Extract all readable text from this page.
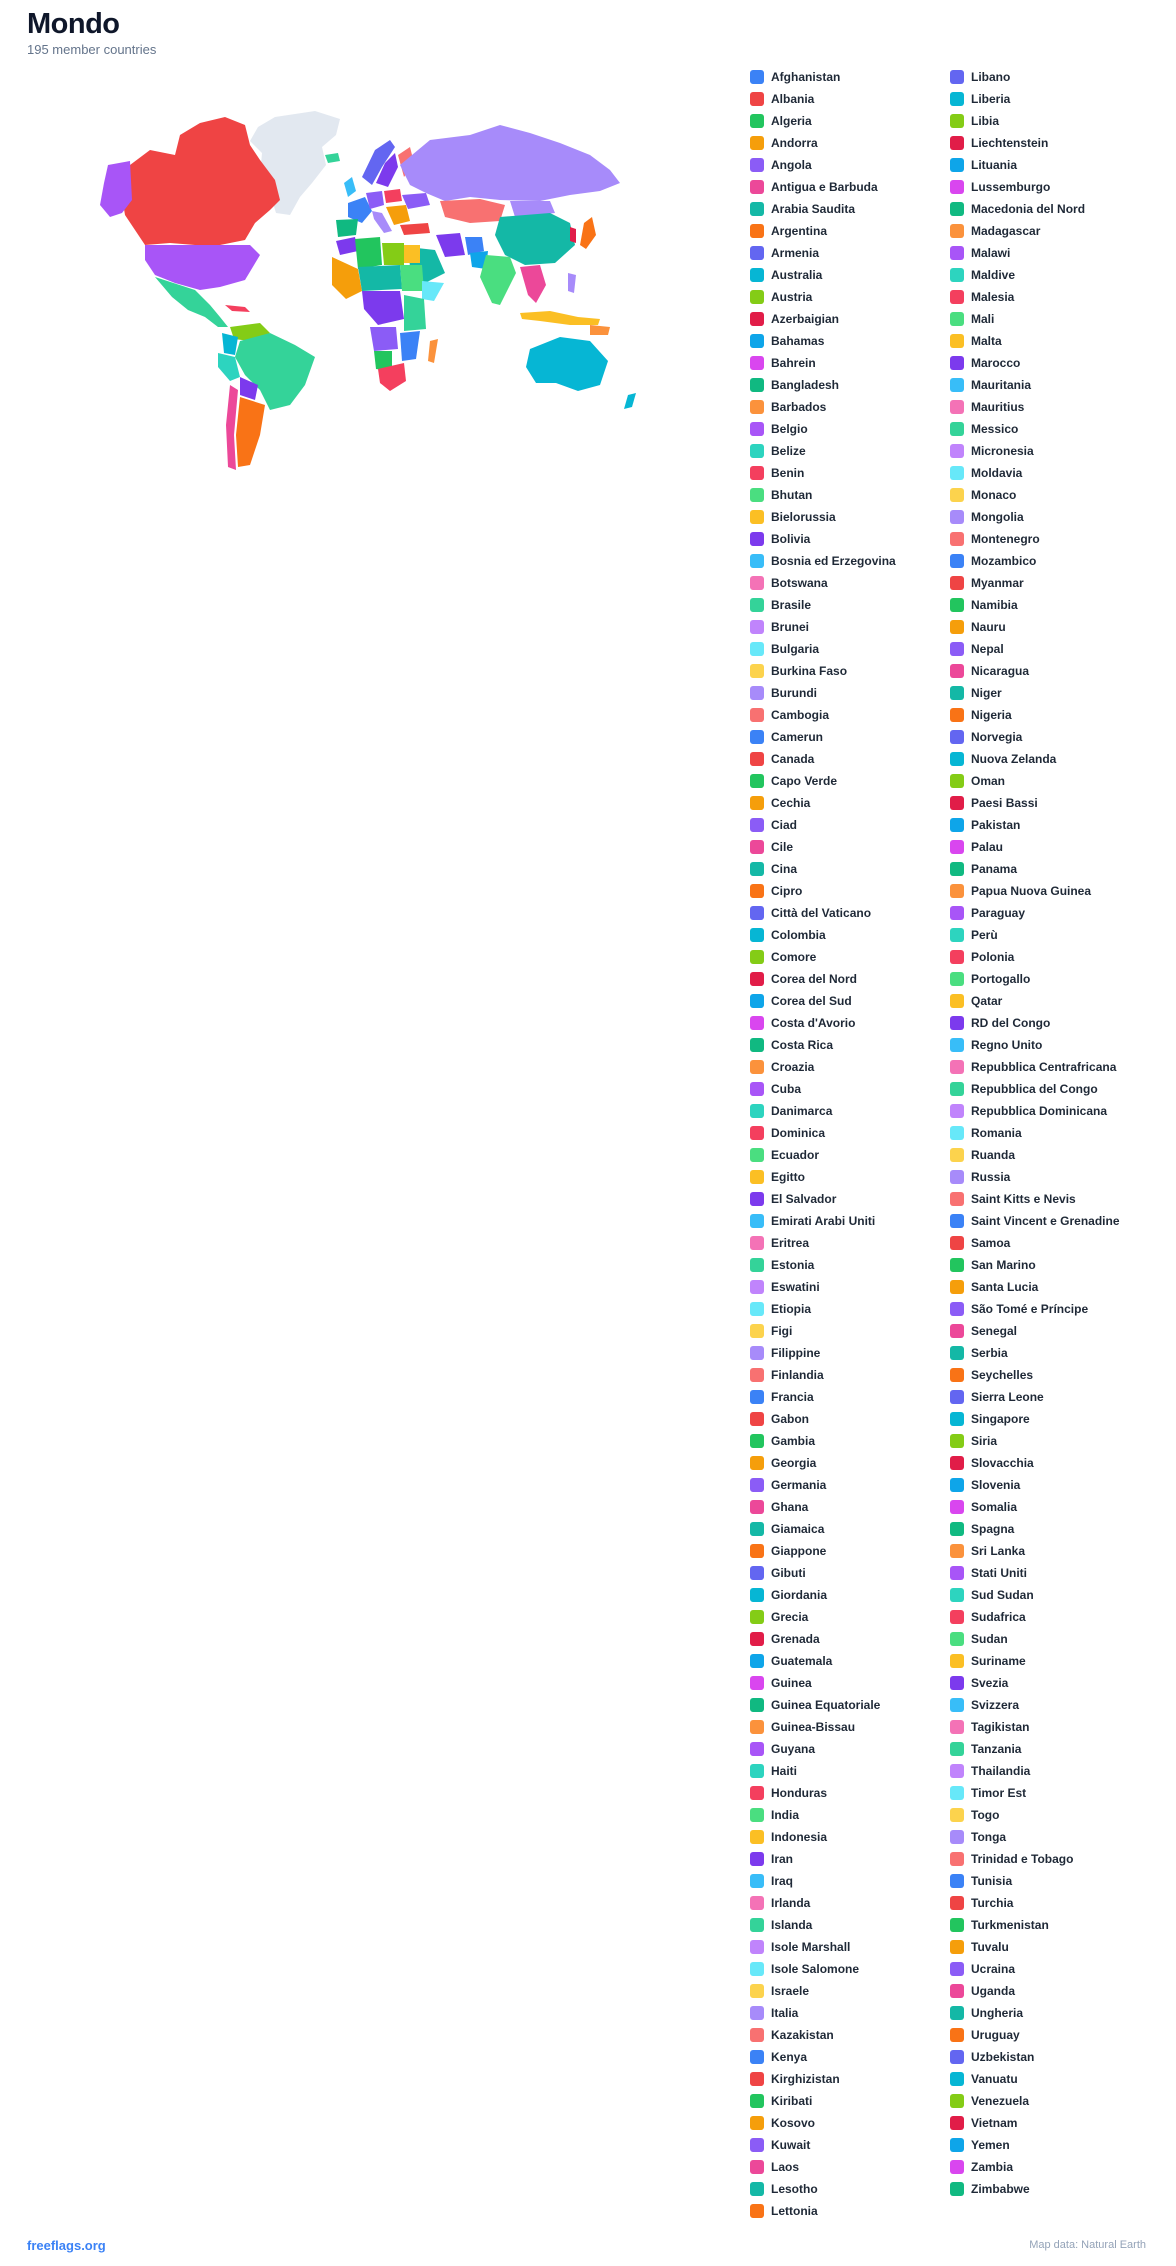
Mondo
195 member countries
Afghanistan
Albania
Algeria
Andorra
Angola
Antigua e Barbuda
Arabia Saudita
Argentina
Armenia
Australia
Austria
Azerbaigian
Bahamas
Bahrein
Bangladesh
Barbados
Belgio
Belize
Benin
Bhutan
Bielorussia
Bolivia
Bosnia ed Erzegovina
Botswana
Brasile
Brunei
Bulgaria
Burkina Faso
Burundi
Cambogia
Camerun
Canada
Capo Verde
Cechia
Ciad
Cile
Cina
Cipro
Città del Vaticano
Colombia
Comore
Corea del Nord
Corea del Sud
Costa d'Avorio
Costa Rica
Croazia
Cuba
Danimarca
Dominica
Ecuador
Egitto
El Salvador
Emirati Arabi Uniti
Eritrea
Estonia
Eswatini
Etiopia
Figi
Filippine
Finlandia
Francia
Gabon
Gambia
Georgia
Germania
Ghana
Giamaica
Giappone
Gibuti
Giordania
Grecia
Grenada
Guatemala
Guinea
Guinea Equatoriale
Guinea-Bissau
Guyana
Haiti
Honduras
India
Indonesia
Iran
Iraq
Irlanda
Islanda
Isole Marshall
Isole Salomone
Israele
Italia
Kazakistan
Kenya
Kirghizistan
Kiribati
Kosovo
Kuwait
Laos
Lesotho
Lettonia
Libano
Liberia
Libia
Liechtenstein
Lituania
Lussemburgo
Macedonia del Nord
Madagascar
Malawi
Maldive
Malesia
Mali
Malta
Marocco
Mauritania
Mauritius
Messico
Micronesia
Moldavia
Monaco
Mongolia
Montenegro
Mozambico
Myanmar
Namibia
Nauru
Nepal
Nicaragua
Niger
Nigeria
Norvegia
Nuova Zelanda
Oman
Paesi Bassi
Pakistan
Palau
Panama
Papua Nuova Guinea
Paraguay
Perù
Polonia
Portogallo
Qatar
RD del Congo
Regno Unito
Repubblica Centrafricana
Repubblica del Congo
Repubblica Dominicana
Romania
Ruanda
Russia
Saint Kitts e Nevis
Saint Vincent e Grenadine
Samoa
San Marino
Santa Lucia
São Tomé e Príncipe
Senegal
Serbia
Seychelles
Sierra Leone
Singapore
Siria
Slovacchia
Slovenia
Somalia
Spagna
Sri Lanka
Stati Uniti
Sud Sudan
Sudafrica
Sudan
Suriname
Svezia
Svizzera
Tagikistan
Tanzania
Thailandia
Timor Est
Togo
Tonga
Trinidad e Tobago
Tunisia
Turchia
Turkmenistan
Tuvalu
Ucraina
Uganda
Ungheria
Uruguay
Uzbekistan
Vanuatu
Venezuela
Vietnam
Yemen
Zambia
Zimbabwe
freeflags.org	Map data: Natural Earth
